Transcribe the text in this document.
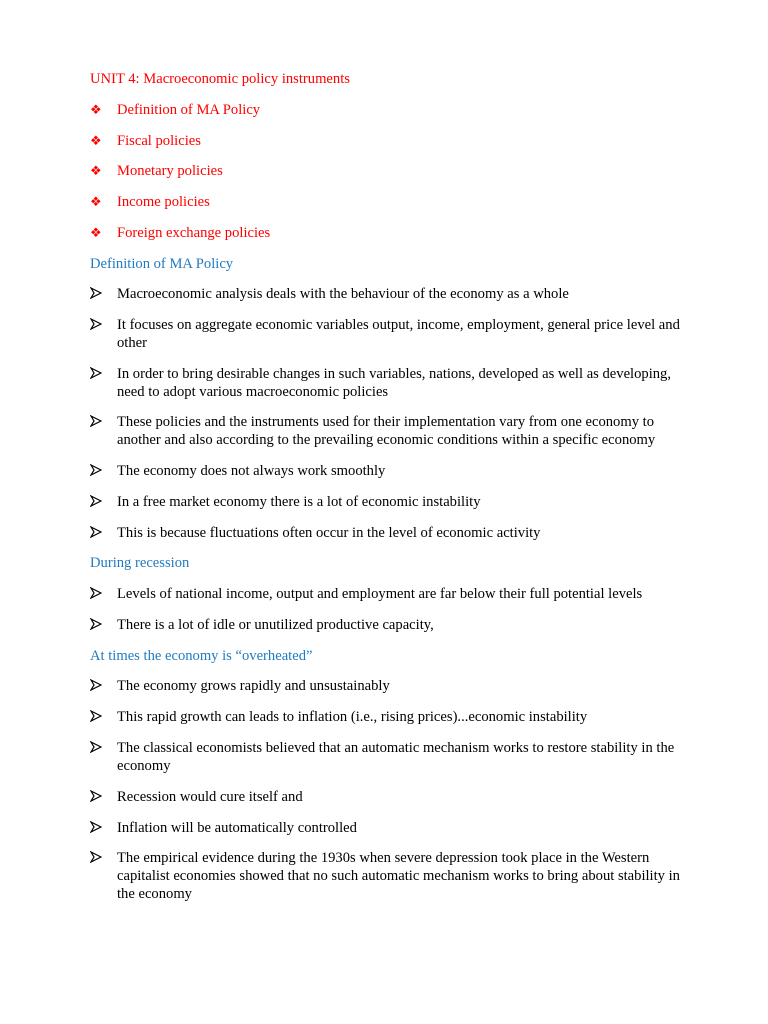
UNIT 4: Macroeconomic policy instruments
❖ Definition of MA Policy
❖ Fiscal policies
❖ Monetary policies
❖ Income policies
❖ Foreign exchange policies
Definition of MA Policy
Macroeconomic analysis deals with the behaviour of the economy as a whole
It focuses on aggregate economic variables output, income, employment, general price level and other
In order to bring desirable changes in such variables, nations, developed as well as developing, need to adopt various macroeconomic policies
These policies and the instruments used for their implementation vary from one economy to another and also according to the prevailing economic conditions within a specific economy
The economy does not always work smoothly
In a free market economy there is a lot of economic instability
This is because fluctuations often occur in the level of economic activity
During recession
Levels of national income, output and employment are far below their full potential levels
There is a lot of idle or unutilized productive capacity,
At times the economy is “overheated”
The economy grows rapidly and unsustainably
This rapid growth can leads to inflation (i.e., rising prices)...economic instability
The classical economists believed that an automatic mechanism works to restore stability in the economy
Recession would cure itself and
Inflation will be automatically controlled
The empirical evidence during the 1930s when severe depression took place in the Western capitalist economies showed that no such automatic mechanism works to bring about stability in the economy
